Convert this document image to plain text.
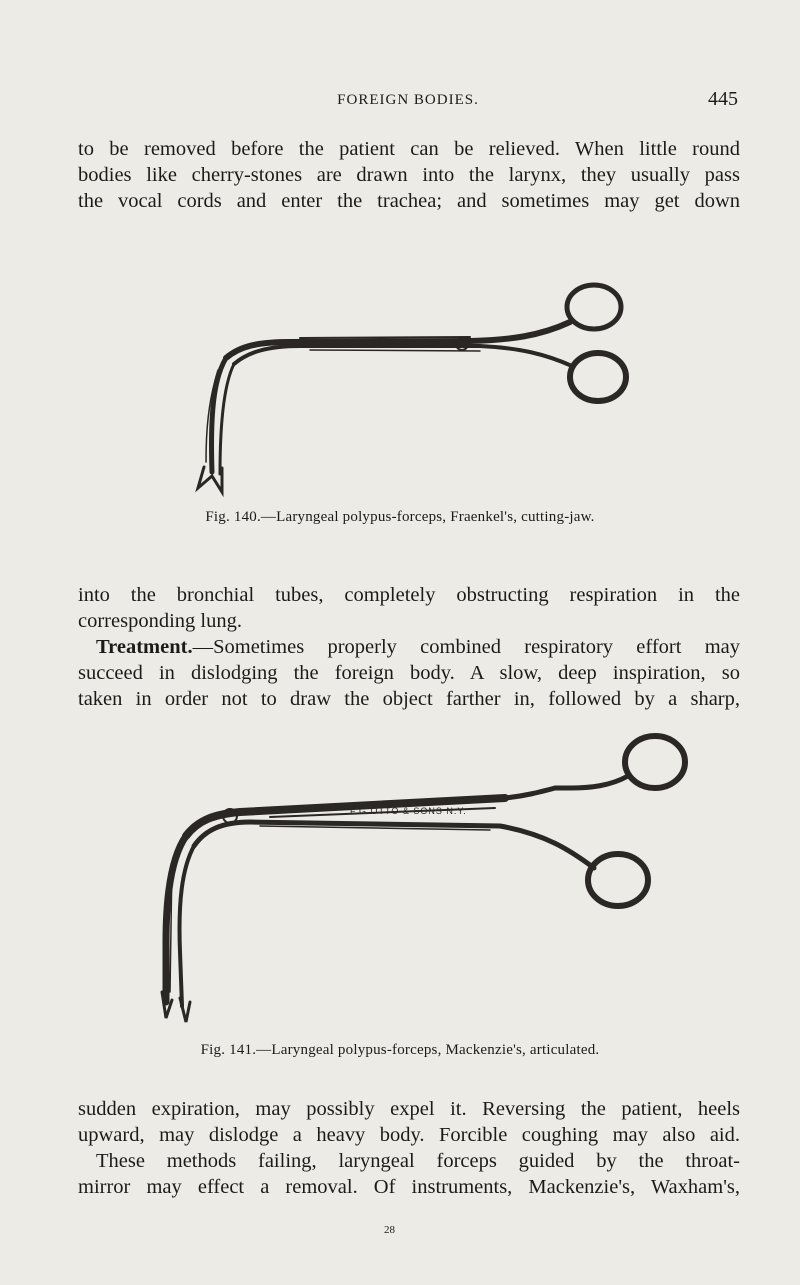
FOREIGN BODIES.	445

to be removed before the patient can be relieved. When little round
bodies like cherry-stones are drawn into the larynx, they usually pass
the vocal cords and enter the trachea; and sometimes may get down

Fig. 140.—Laryngeal polypus-forceps, Fraenkel's, cutting-jaw.

into the bronchial tubes, completely obstructing respiration in the
corresponding lung.

Treatment.—Sometimes properly combined respiratory effort may
succeed in dislodging the foreign body. A slow, deep inspiration, so
taken in order not to draw the object farther in, followed by a sharp,

F.G.OTTO & SONS N.Y.
Fig. 141.—Laryngeal polypus-forceps, Mackenzie's, articulated.

sudden expiration, may possibly expel it. Reversing the patient, heels
upward, may dislodge a heavy body. Forcible coughing may also aid.

These methods failing, laryngeal forceps guided by the throat-
mirror may effect a removal. Of instruments, Mackenzie's, Waxham's,

28
